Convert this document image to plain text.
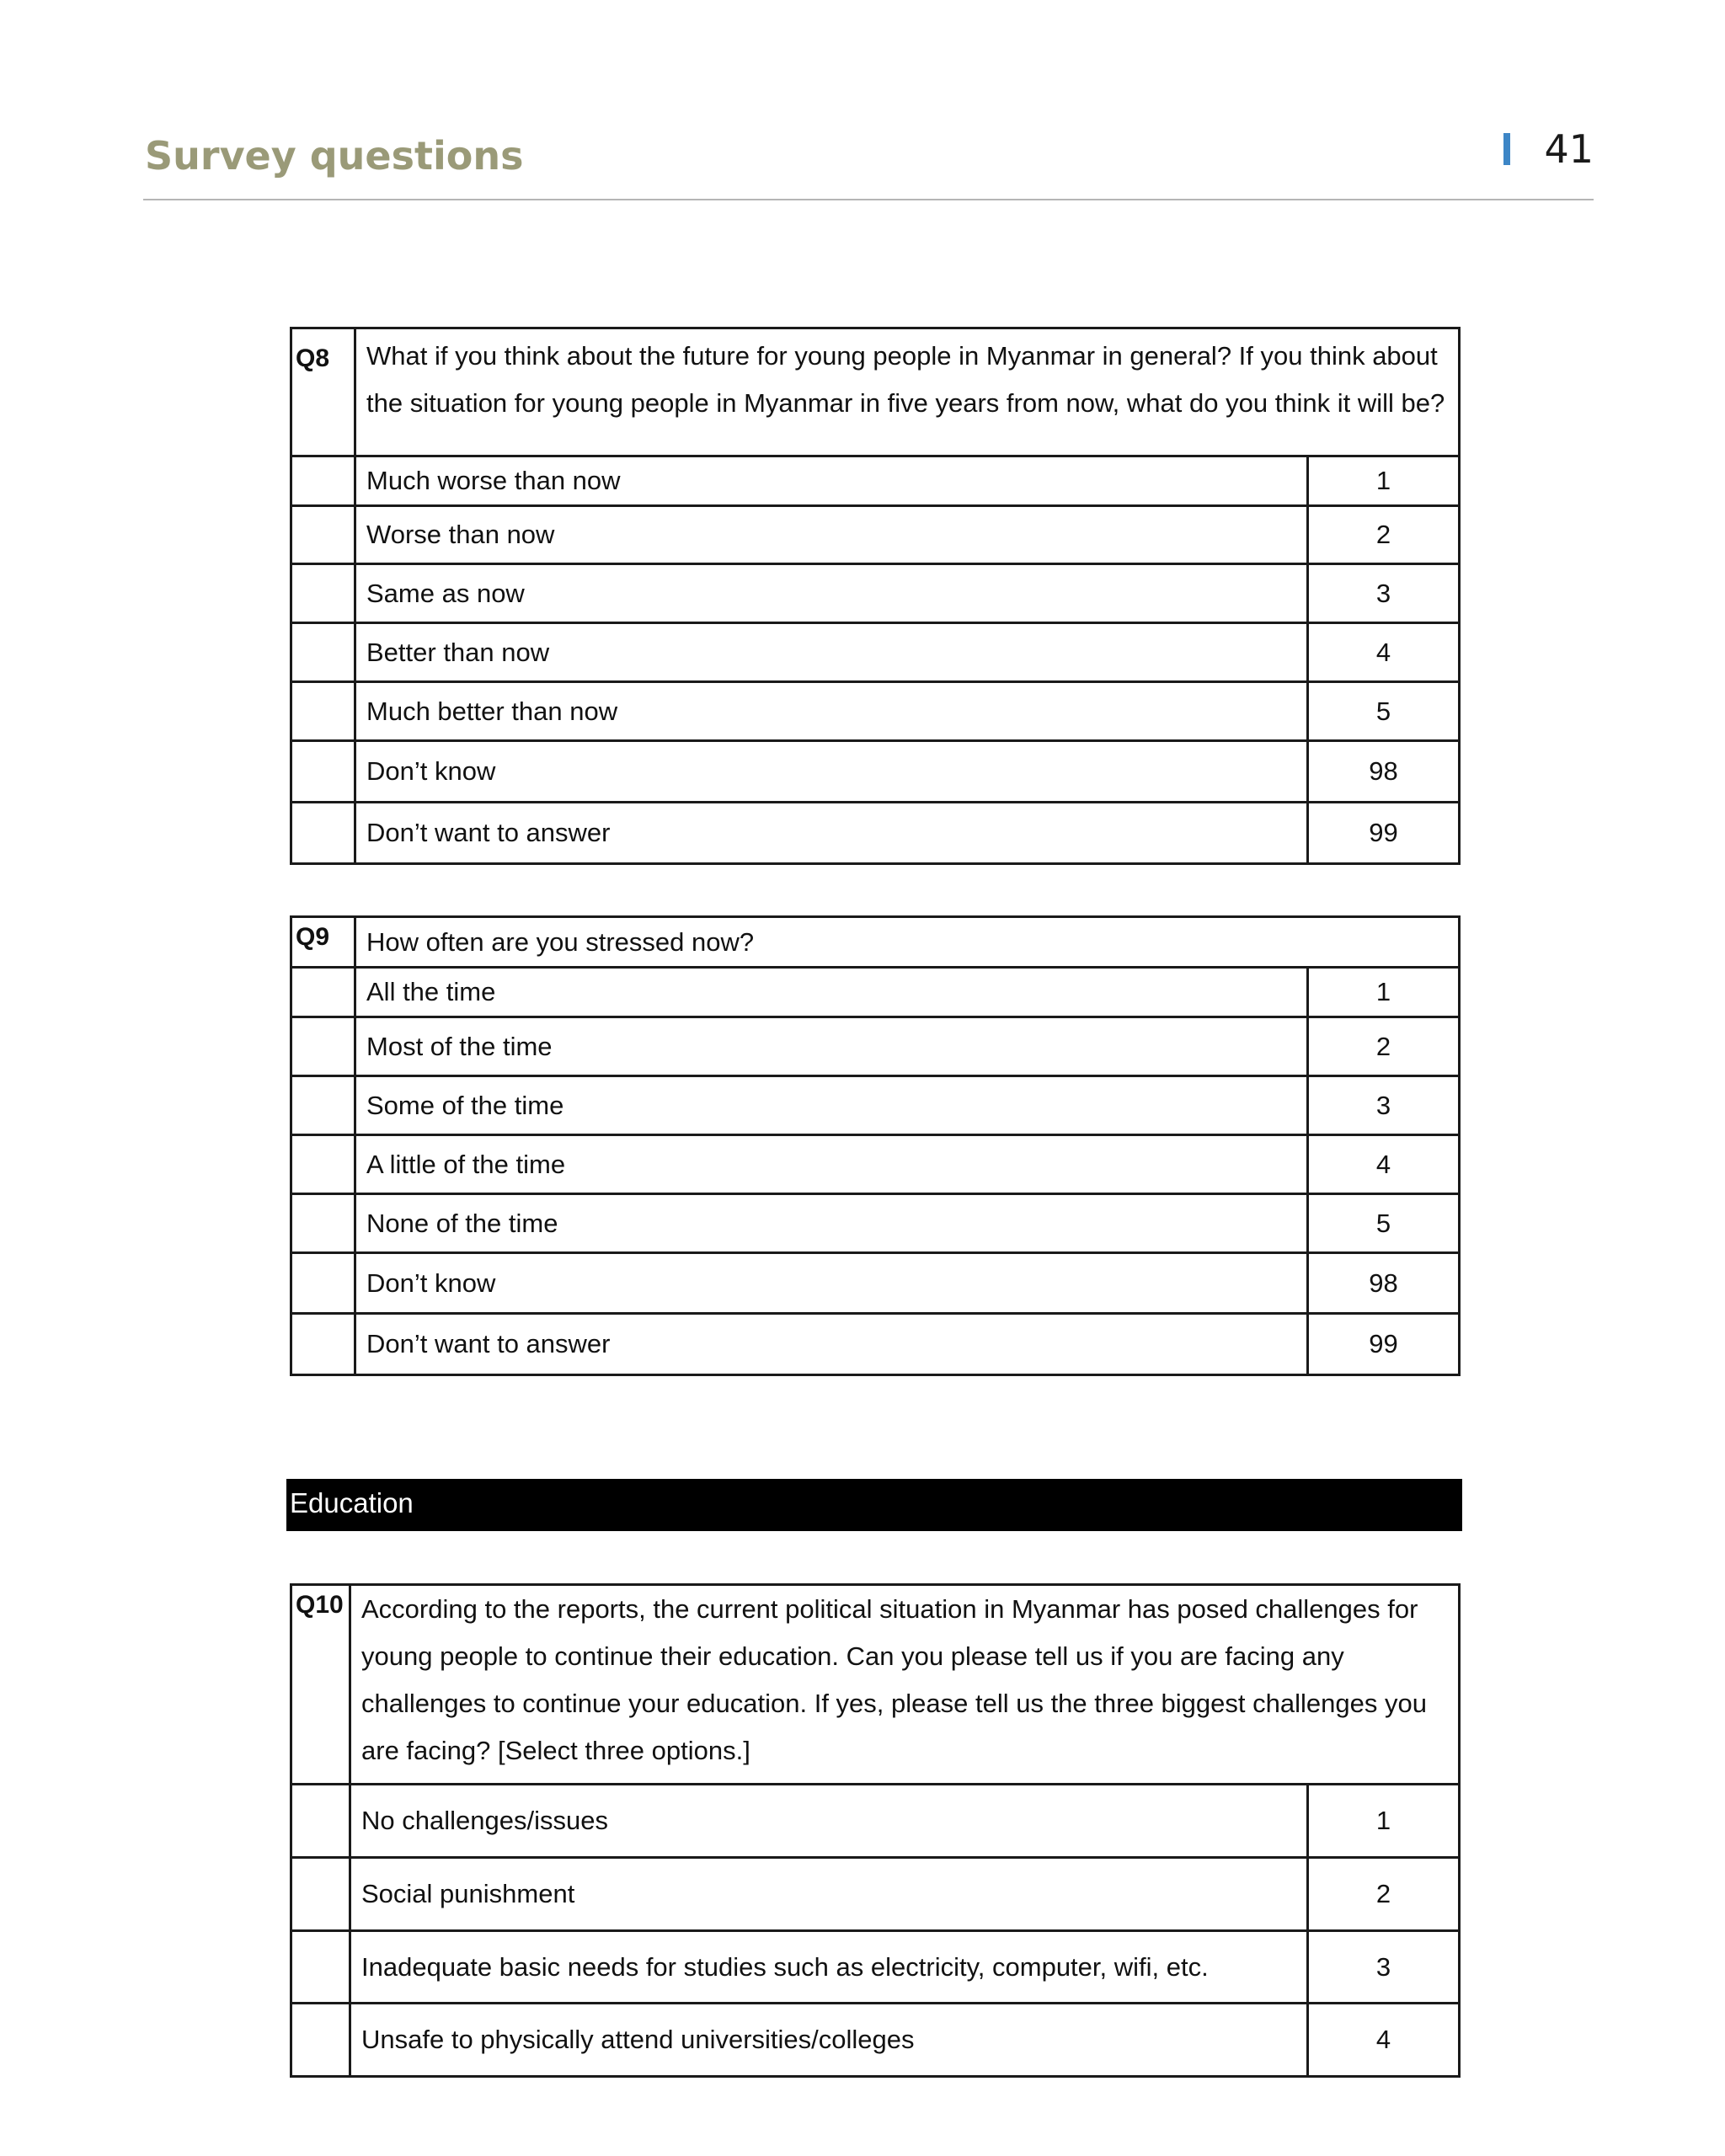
Survey questions	41
Q8	What if you think about the future for young people in Myanmar in general? If you think about the situation for young people in Myanmar in five years from now, what do you think it will be?	
	Much worse than now	1
	Worse than now	2
	Same as now	3
	Better than now	4
	Much better than now	5
	Don’t know	98
	Don’t want to answer	99
Q9	How often are you stressed now?	
	All the time	1
	Most of the time	2
	Some of the time	3
	A little of the time	4
	None of the time	5
	Don’t know	98
	Don’t want to answer	99
Education
Q10	According to the reports, the current political situation in Myanmar has posed challenges for young people to continue their education. Can you please tell us if you are facing any challenges to continue your education. If yes, please tell us the three biggest challenges you are facing? [Select three options.]	
	No challenges/issues	1
	Social punishment	2
	Inadequate basic needs for studies such as electricity, computer, wifi, etc.	3
	Unsafe to physically attend universities/colleges	4
